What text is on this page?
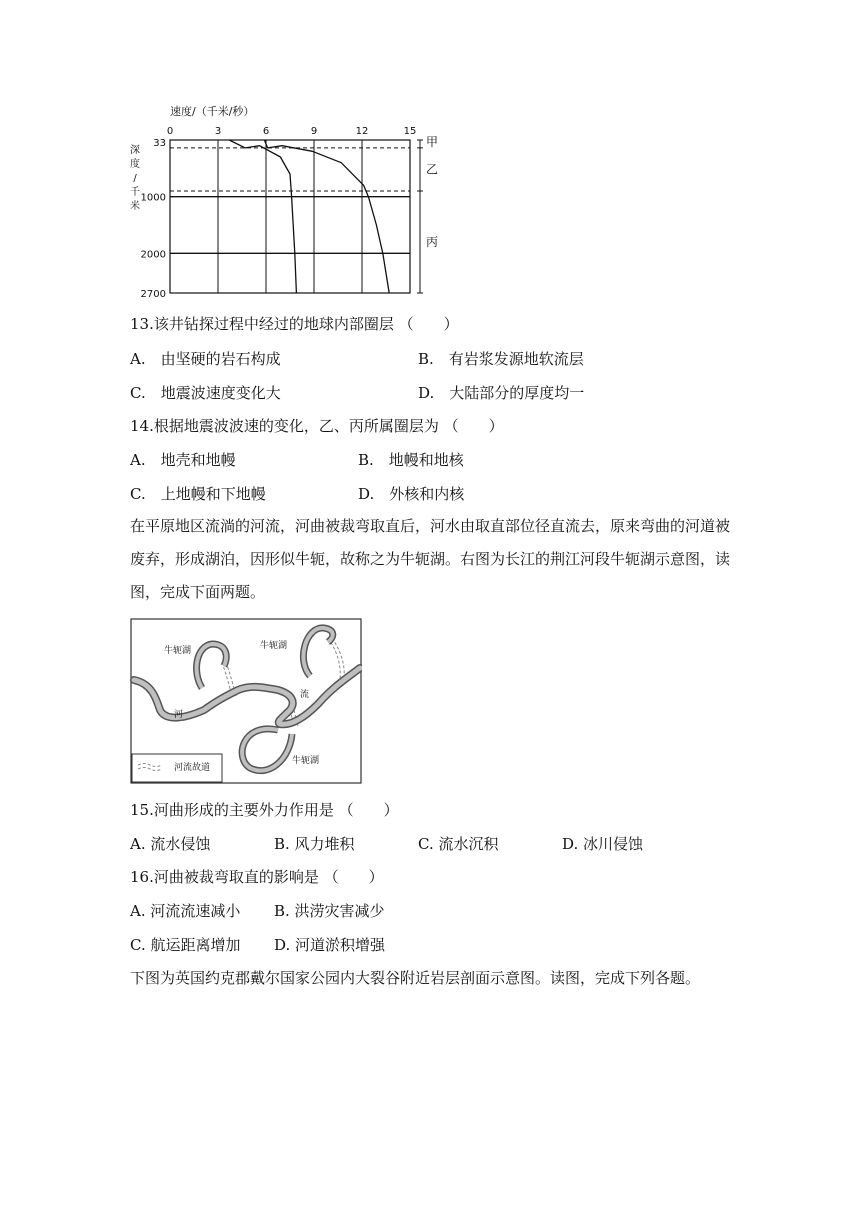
速度/（千米/秒）
0	3	6	9	12	15
33
1000
2000
2700
深
度
/
千
米
甲
乙
丙
13.该井钻探过程中经过的地球内部圈层 （　　）
A.　由坚硬的岩石构成	B.　有岩浆发源地软流层
C.　地震波速度变化大	D.　大陆部分的厚度均一
14.根据地震波波速的变化，乙、丙所属圈层为 （　　）
A.　地壳和地幔	B.　地幔和地核
C.　上地幔和下地幔	D.　外核和内核
在平原地区流淌的河流，河曲被裁弯取直后，河水由取直部位径直流去，原来弯曲的河道被废弃，形成湖泊，因形似牛轭，故称之为牛轭湖。右图为长江的荆江河段牛轭湖示意图，读图，完成下面两题。
牛轭湖	牛轭湖
牛轭湖
河
流
河流故道
15.河曲形成的主要外力作用是 （　　）
A. 流水侵蚀	B. 风力堆积	C. 流水沉积	D. 冰川侵蚀
16.河曲被裁弯取直的影响是 （　　）
A. 河流流速减小 B. 洪涝灾害减少
C. 航运距离增加 D. 河道淤积增强
下图为英国约克郡戴尔国家公园内大裂谷附近岩层剖面示意图。读图，完成下列各题。
